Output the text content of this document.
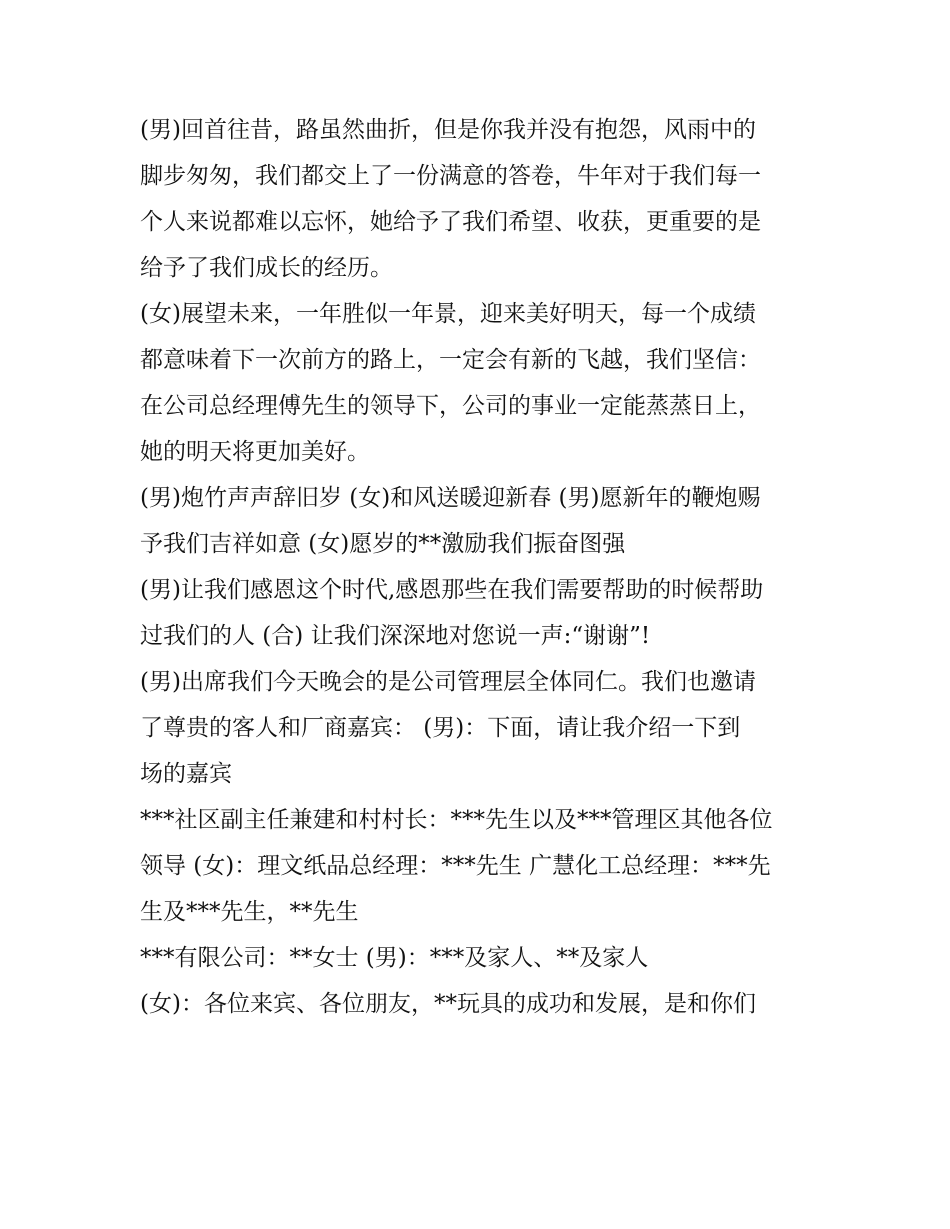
(男)回首往昔，路虽然曲折，但是你我并没有抱怨，风雨中的
脚步匆匆，我们都交上了一份满意的答卷，牛年对于我们每一
个人来说都难以忘怀，她给予了我们希望、收获，更重要的是
给予了我们成长的经历。
(女)展望未来，一年胜似一年景，迎来美好明天，每一个成绩
都意味着下一次前方的路上，一定会有新的飞越，我们坚信：
在公司总经理傅先生的领导下，公司的事业一定能蒸蒸日上，
她的明天将更加美好。
(男)炮竹声声辞旧岁 (女)和风送暖迎新春 (男)愿新年的鞭炮赐
予我们吉祥如意 (女)愿岁的**激励我们振奋图强
(男)让我们感恩这个时代,感恩那些在我们需要帮助的时候帮助
过我们的人 (合) 让我们深深地对您说一声:“谢谢”!
(男)出席我们今天晚会的是公司管理层全体同仁。我们也邀请
了尊贵的客人和厂商嘉宾： (男)：下面，请让我介绍一下到
场的嘉宾
***社区副主任兼建和村村长：***先生以及***管理区其他各位
领导 (女)：理文纸品总经理：***先生 广慧化工总经理：***先
生及***先生，**先生
***有限公司：**女士 (男)：***及家人、**及家人
(女)：各位来宾、各位朋友，**玩具的成功和发展，是和你们
